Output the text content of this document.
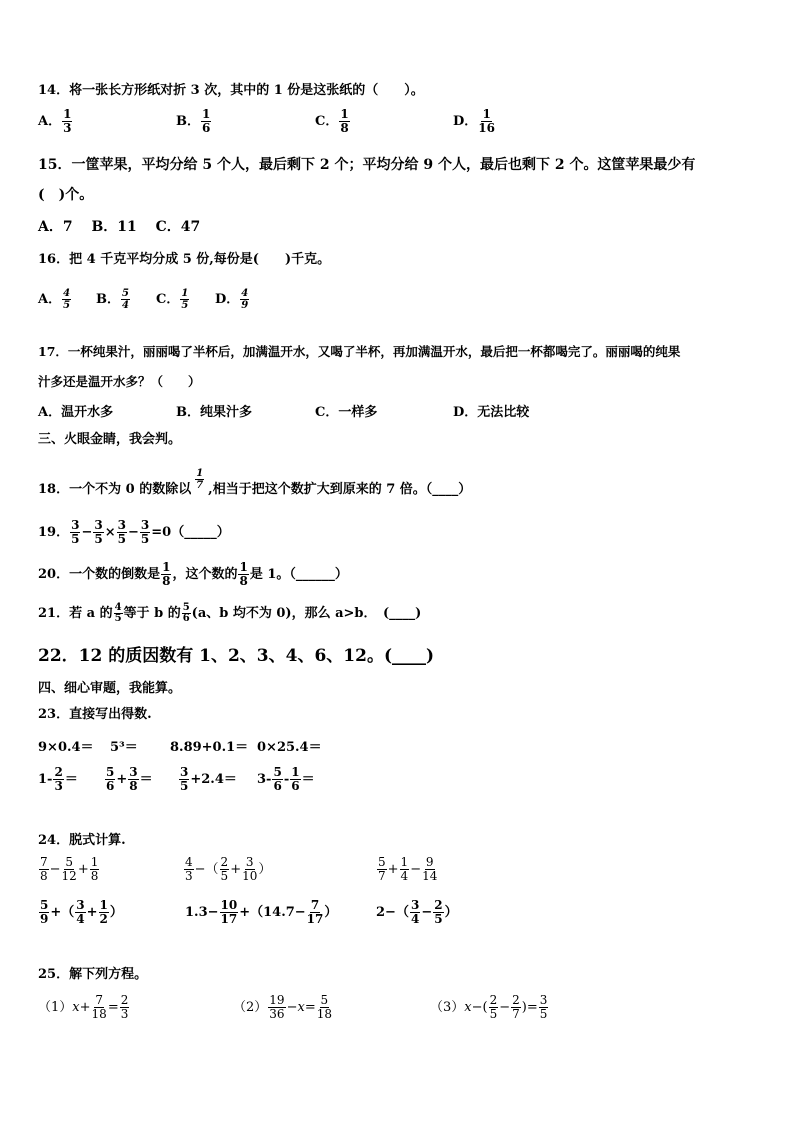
14．将一张长方形纸对折 3 次，其中的 1 份是这张纸的（　　）。
A． $\frac{1}{3}$	B． $\frac{1}{6}$	C． $\frac{1}{8}$	D． $\frac{1}{16}$
15．一筐苹果，平均分给 5 个人，最后剩下 2 个；平均分给 9 个人，最后也剩下 2 个。这筐苹果最少有
(　)个。
A．7　 B．11　 C．47
16．把 4 千克平均分成 5 份,每份是(　　)千克。
A． $\frac{4}{5}$ B． $\frac{5}{4}$ C． $\frac{1}{5}$ D． $\frac{4}{9}$
17．一杯纯果汁，丽丽喝了半杯后，加满温开水，又喝了半杯，再加满温开水，最后把一杯都喝完了。丽丽喝的纯果
汁多还是温开水多？（　　）
A．温开水多	B．纯果汁多	C．一样多	D．无法比较
三、火眼金睛，我会判。
18．一个不为 0 的数除以 $\frac{1}{7}$ ,相当于把这个数扩大到原来的 7 倍。（____）
19． $\frac{3}{5} - \frac{3}{5} \times \frac{3}{5} - \frac{3}{5}$ =0（_____）
20．一个数的倒数是 $\frac{1}{8}$ ，这个数的 $\frac{1}{8}$ 是 1。（______）
21．若 a 的 $\frac{4}{5}$ 等于 b 的 $\frac{5}{6} (a$、b 均不为 0)，那么 a>b．　(____)
22．12 的质因数有 1、2、3、4、6、12。(____)
四、细心审题，我能算。
23．直接写出得数.
9×0.4＝ 5³＝ 8.89+0.1＝ 0×25.4＝
$1- \frac{2}{3} = \frac{5}{6} + \frac{3}{8} = \frac{3}{5} +2.4= 3- \frac{5}{6} - \frac{1}{6}$ ＝
24．脱式计算.
$\frac{7}{8} - \frac{5}{12} + \frac{1}{8}$	$\frac{4}{3}$ −（ $\frac{2}{5} + \frac{3}{10}$ ）	$\frac{5}{7} + \frac{1}{4} - \frac{9}{14}$
$\frac{5}{9}$ +（ $\frac{3}{4} + \frac{1}{2}$ ）	$1.3- \frac{10}{17} +(14.7- \frac{7}{17}$ ）	$2-( \frac{3}{4} - \frac{2}{5}$ ）
25．解下列方程。
$(1)x+ \frac{7}{18} = \frac{2}{3}$	$(2) \frac{19}{36} -x= \frac{5}{18}$	$(3)x-( \frac{2}{5} - \frac{2}{7}$ )= $\frac{3}{5}$
